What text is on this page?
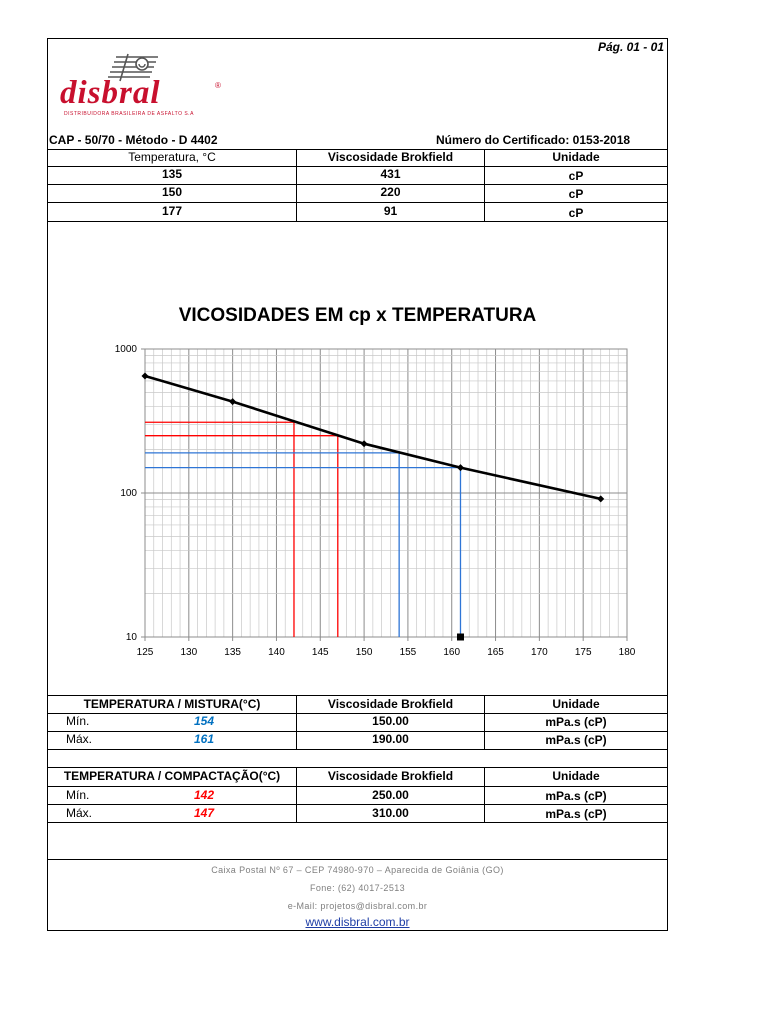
Pág. 01 - 01
disbral	®
DISTRIBUIDORA BRASILEIRA DE ASFALTO S.A
CAP - 50/70 - Método - D 4402	Número do Certificado: 0153-2018
Temperatura, °C	Viscosidade Brokfield	Unidade
135	431	cP
150	220	cP
177	91	cP
VICOSIDADES EM cp x TEMPERATURA
125	130	135	140	145	150	155	160	165	170	175	180
1000
100
10
TEMPERATURA / MISTURA(°C)	Viscosidade Brokfield	Unidade
Mín.	154	150.00	mPa.s (cP)
Máx.	161	190.00	mPa.s (cP)
TEMPERATURA / COMPACTAÇÃO(°C)	Viscosidade Brokfield	Unidade
Mín.	142	250.00	mPa.s (cP)
Máx.	147	310.00	mPa.s (cP)
Caixa Postal Nº 67 – CEP 74980-970 – Aparecida de Goiânia (GO)
Fone: (62) 4017-2513
e-Mail: projetos@disbral.com.br
www.disbral.com.br
